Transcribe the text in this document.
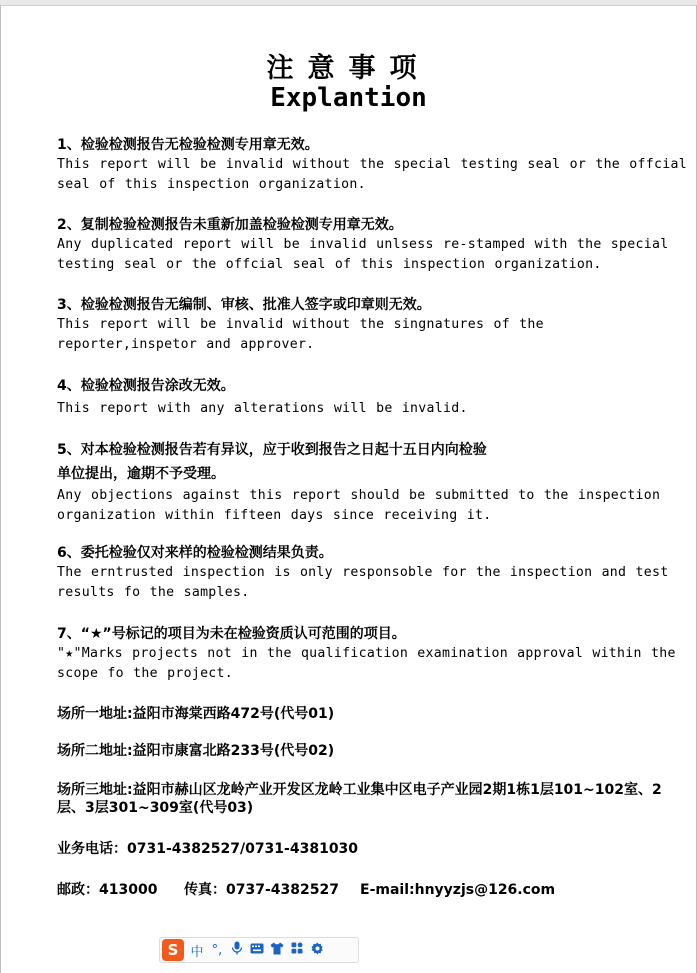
注意事项
Explantion
1、检验检测报告无检验检测专用章无效。
This report will be invalid without the special testing seal or the offcial seal of this inspection organization.
2、复制检验检测报告未重新加盖检验检测专用章无效。
Any duplicated report will be invalid unlsess re-stamped with the special testing seal or the offcial seal of this inspection organization.
3、检验检测报告无编制、审核、批准人签字或印章则无效。
This report will be invalid without the singnatures of the reporter,inspetor and approver.
4、检验检测报告涂改无效。
This report with any alterations will be invalid.
5、对本检验检测报告若有异议，应于收到报告之日起十五日内向检验
单位提出，逾期不予受理。
Any objections against this report should be submitted to the inspection organization within fifteen days since receiving it.
6、委托检验仅对来样的检验检测结果负责。
The erntrusted inspection is only responsoble for the inspection and test results fo the samples.
7、“★”号标记的项目为未在检验资质认可范围的项目。
"★"Marks projects not in the qualification examination approval within the scope fo the project.
场所一地址:益阳市海棠西路472号(代号01)
场所二地址:益阳市康富北路233号(代号02)
场所三地址:益阳市赫山区龙岭产业开发区龙岭工业集中区电子产业园2期1栋1层101~102室、2层、3层301~309室(代号03)
业务电话：0731-4382527/0731-4381030
邮政：413000 传真：0737-4382527 E-mail:hnyyzjs@126.com
S 中 °,
